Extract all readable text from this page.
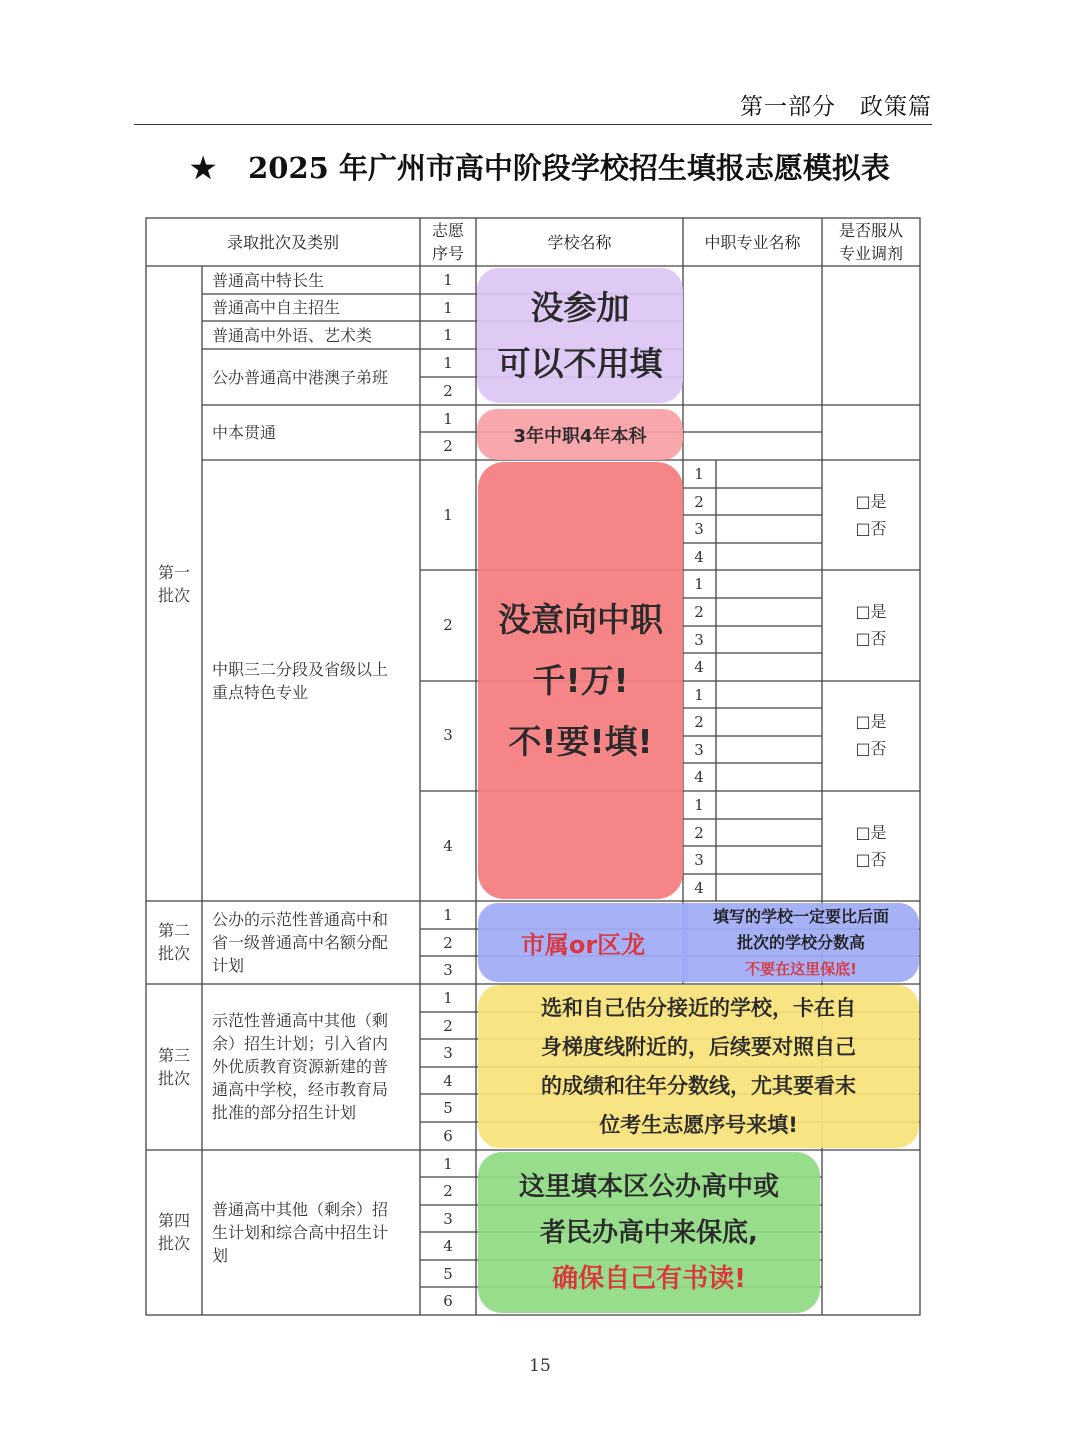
第一部分　政策篇
★ 2025 年广州市高中阶段学校招生填报志愿模拟表
录取批次及类别
志愿
序号
学校名称	中职专业名称
是否服从
专业调剂
第一
批次
第二
批次
第三
批次
第四
批次
普通高中特长生
普通高中自主招生
普通高中外语、艺术类
公办普通高中港澳子弟班
中本贯通
中职三二分段及省级以上
重点特色专业
1
1
1
1
2
1
2
1
2
3
4
1
2
3
4
1
2
3
4
1
2
3
4
1
2
3
4
□是
□否
□是
□否
□是
□否
□是
□否
公办的示范性普通高中和
省一级普通高中名额分配
计划
1
2
3
示范性普通高中其他（剩
余）招生计划；引入省内
外优质教育资源新建的普
通高中学校，经市教育局
批准的部分招生计划
1
2
3
4
5
6
普通高中其他（剩余）招
生计划和综合高中招生计
划
1
2
3
4
5
6
没参加
可以不用填
3年中职4年本科
没意向中职
千!万!
不!要!填!
市属or区龙
填写的学校一定要比后面
批次的学校分数高
不要在这里保底!
选和自己估分接近的学校，卡在自
身梯度线附近的，后续要对照自己
的成绩和往年分数线，尤其要看末
位考生志愿序号来填!
这里填本区公办高中或
者民办高中来保底,
确保自己有书读!
15
